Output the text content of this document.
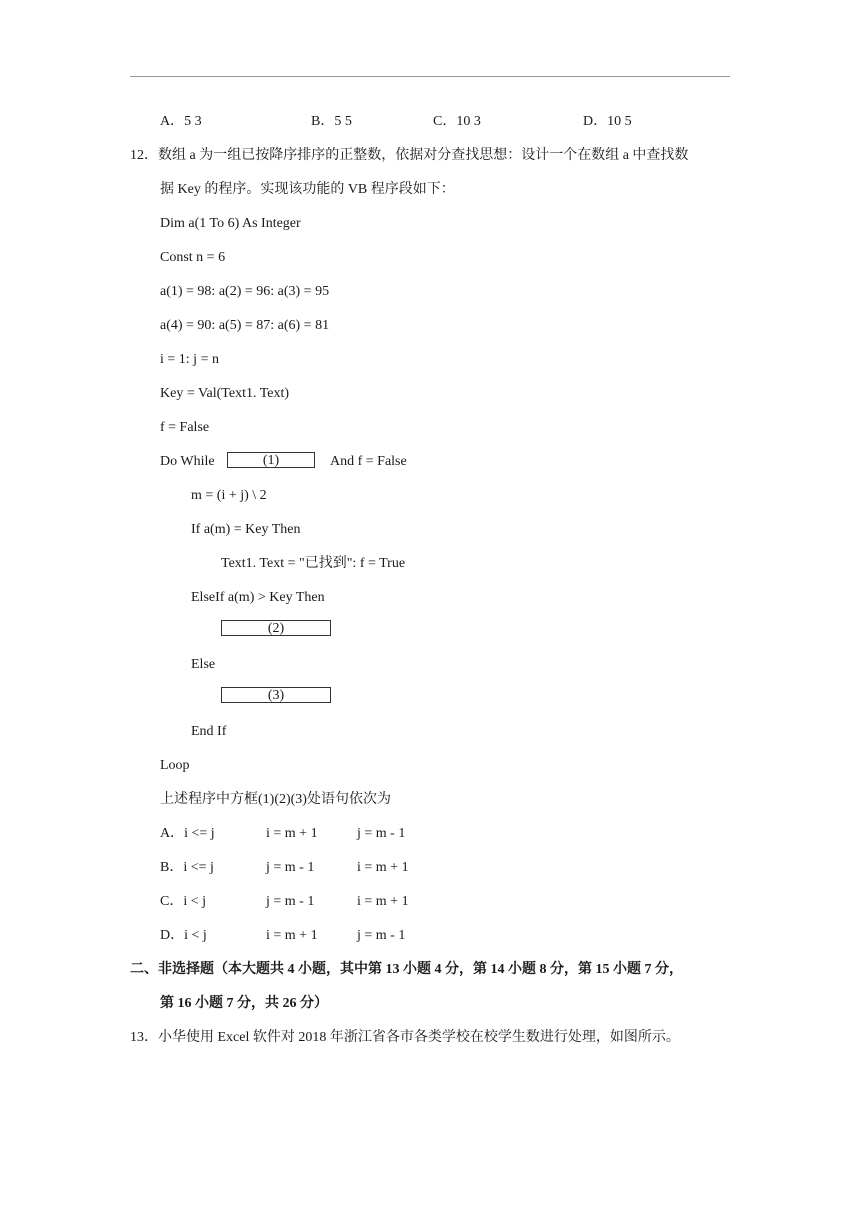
A．5 3	B．5 5	C．10 3	D．10 5
12．数组 a 为一组已按降序排序的正整数，依据对分查找思想：设计一个在数组 a 中查找数
据 Key 的程序。实现该功能的 VB 程序段如下：
Dim a(1 To 6) As Integer
Const n = 6
a(1) = 98: a(2) = 96: a(3) = 95
a(4) = 90: a(5) = 87: a(6) = 81
i = 1: j = n
Key = Val(Text1. Text)
f = False
Do While	(1)	And f = False
m = (i + j) \ 2
If a(m) = Key Then
Text1. Text = "已找到": f = True
ElseIf a(m) > Key Then
(2)
Else
(3)
End If
Loop
上述程序中方框(1)(2)(3)处语句依次为
A．i <= j	i = m + 1	j = m - 1
B．i <= j	j = m - 1	i = m + 1
C．i < j	j = m - 1	i = m + 1
D．i < j	i = m + 1	j = m - 1
二、非选择题（本大题共 4 小题，其中第 13 小题 4 分，第 14 小题 8 分，第 15 小题 7 分，
第 16 小题 7 分，共 26 分）
13．小华使用 Excel 软件对 2018 年浙江省各市各类学校在校学生数进行处理，如图所示。
